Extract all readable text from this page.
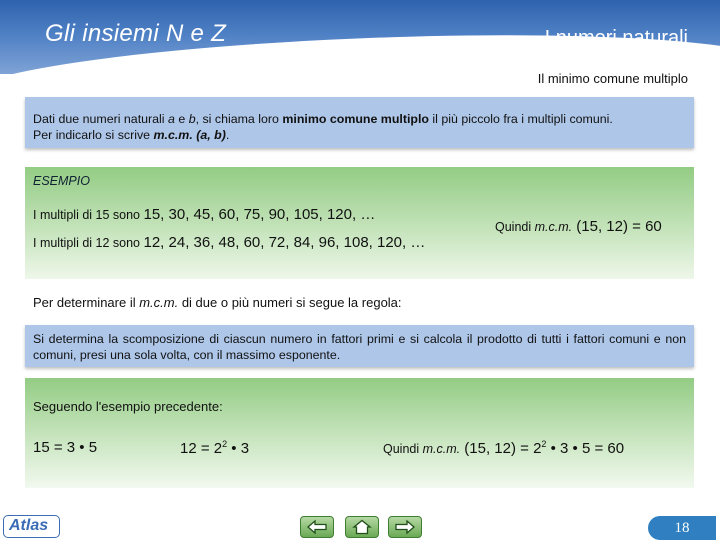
Gli insiemi N e Z	I numeri naturali
Il minimo comune multiplo
Dati due numeri naturali a e b, si chiama loro minimo comune multiplo il più piccolo fra i multipli comuni.
Per indicarlo si scrive m.c.m. (a, b).
ESEMPIO
I multipli di 15 sono 15, 30, 45, 60, 75, 90, 105, 120, …
I multipli di 12 sono 12, 24, 36, 48, 60, 72, 84, 96, 108, 120, …
Quindi m.c.m. (15, 12) = 60
Per determinare il m.c.m. di due o più numeri si segue la regola:
Si determina la scomposizione di ciascun numero in fattori primi e si calcola il prodotto di tutti i fattori comuni e non comuni, presi una sola volta, con il massimo esponente.
Seguendo l'esempio precedente:
15 = 3 • 5	$12 = 2^2$ • 3	Quindi m.c.m. (15, $12) = 2^2$ • 3 • 5 = 60
Atlas	18
